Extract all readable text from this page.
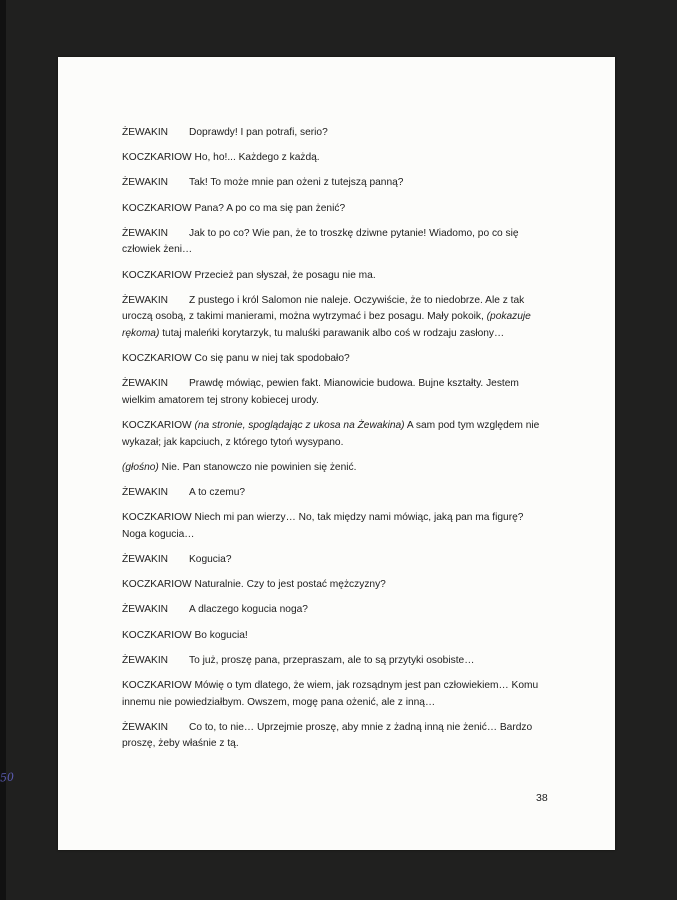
ŻEWAKIN Doprawdy! I pan potrafi, serio?

KOCZKARIOW Ho, ho!... Każdego z każdą.

ŻEWAKIN Tak! To może mnie pan ożeni z tutejszą panną?

KOCZKARIOW Pana? A po co ma się pan żenić?

ŻEWAKIN Jak to po co? Wie pan, że to troszkę dziwne pytanie! Wiadomo, po co się człowiek żeni…

KOCZKARIOW Przecież pan słyszał, że posagu nie ma.

ŻEWAKIN Z pustego i król Salomon nie naleje. Oczywiście, że to niedobrze. Ale z tak uroczą osobą, z takimi manierami, można wytrzymać i bez posagu. Mały pokoik, (pokazuje rękoma) tutaj maleńki korytarzyk, tu maluśki parawanik albo coś w rodzaju zasłony…

KOCZKARIOW Co się panu w niej tak spodobało?

ŻEWAKIN Prawdę mówiąc, pewien fakt. Mianowicie budowa. Bujne kształty. Jestem wielkim amatorem tej strony kobiecej urody.

KOCZKARIOW (na stronie, spoglądając z ukosa na Żewakina) A sam pod tym względem nie wykazał; jak kapciuch, z którego tytoń wysypano.

(głośno) Nie. Pan stanowczo nie powinien się żenić.

ŻEWAKIN A to czemu?

KOCZKARIOW Niech mi pan wierzy… No, tak między nami mówiąc, jaką pan ma figurę? Noga kogucia…

ŻEWAKIN Kogucia?

KOCZKARIOW Naturalnie. Czy to jest postać mężczyzny?

ŻEWAKIN A dlaczego kogucia noga?

KOCZKARIOW Bo kogucia!

ŻEWAKIN To już, proszę pana, przepraszam, ale to są przytyki osobiste…

KOCZKARIOW Mówię o tym dlatego, że wiem, jak rozsądnym jest pan człowiekiem… Komu innemu nie powiedziałbym. Owszem, mogę pana ożenić, ale z inną…

ŻEWAKIN Co to, to nie… Uprzejmie proszę, aby mnie z żadną inną nie żenić… Bardzo proszę, żeby właśnie z tą.

38
50
